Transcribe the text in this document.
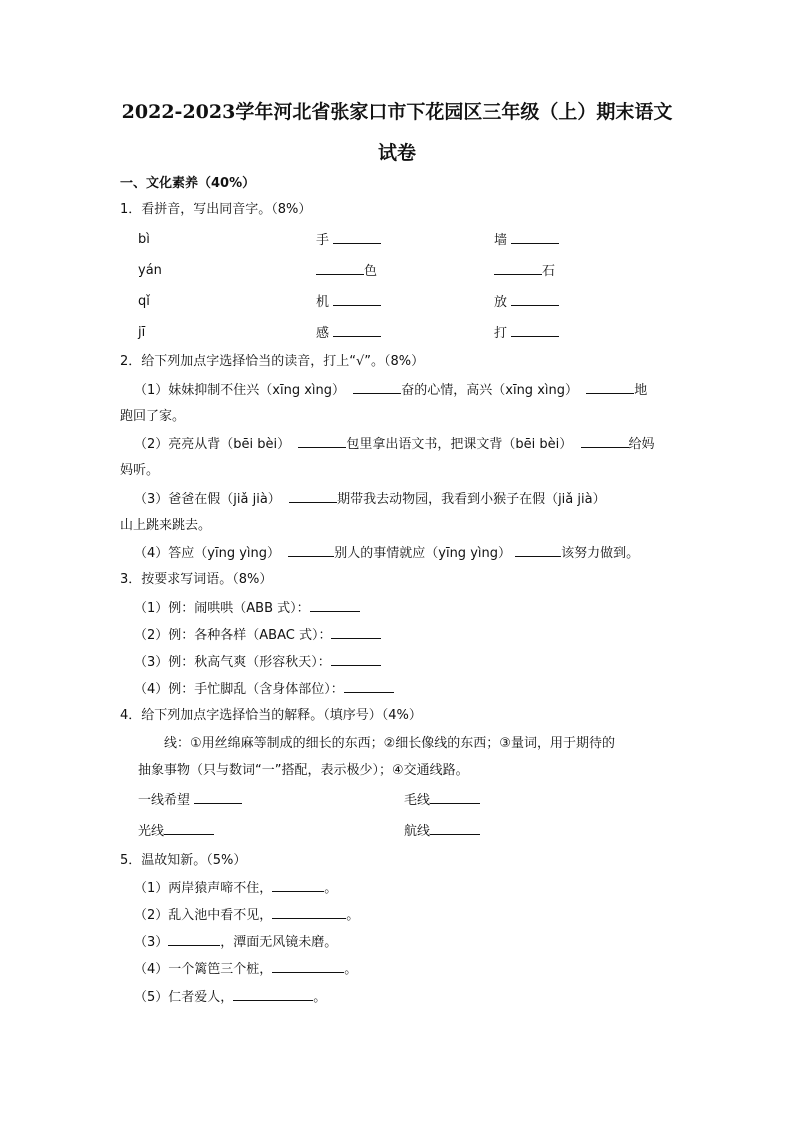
2022-2023学年河北省张家口市下花园区三年级（上）期末语文
试卷
一、文化素养（40%）
1．看拼音，写出同音字。（8%）
bì	手	墙
yán	色	石
qǐ	机	放
jī	感	打
2．给下列加点字选择恰当的读音，打上“√”。（8%）
（1）妹妹抑制不住兴（xīng xìng）	奋的心情，高兴（xīng xìng）	地
跑回了家。
（2）亮亮从背（bēi bèi）	包里拿出语文书，把课文背（bēi bèi）	给妈
妈听。
（3）爸爸在假（jiǎ jià）	期带我去动物园，我看到小猴子在假（jiǎ jià）
山上跳来跳去。
（4）答应（yīng yìng）	别人的事情就应（yīng yìng）	该努力做到。
3．按要求写词语。（8%）
（1）例：闹哄哄（ABB 式）：
（2）例：各种各样（ABAC 式）：
（3）例：秋高气爽（形容秋天）：
（4）例：手忙脚乱（含身体部位）：
4．给下列加点字选择恰当的解释。（填序号）（4%）
线：①用丝绵麻等制成的细长的东西；②细长像线的东西；③量词，用于期待的
抽象事物（只与数词“一”搭配，表示极少）；④交通线路。
一线希望	毛线
光线	航线
5．温故知新。（5%）
（1）两岸猿声啼不住，	。
（2）乱入池中看不见，	。
（3）	，潭面无风镜未磨。
（4）一个篱笆三个桩，	。
（5）仁者爱人，	。
